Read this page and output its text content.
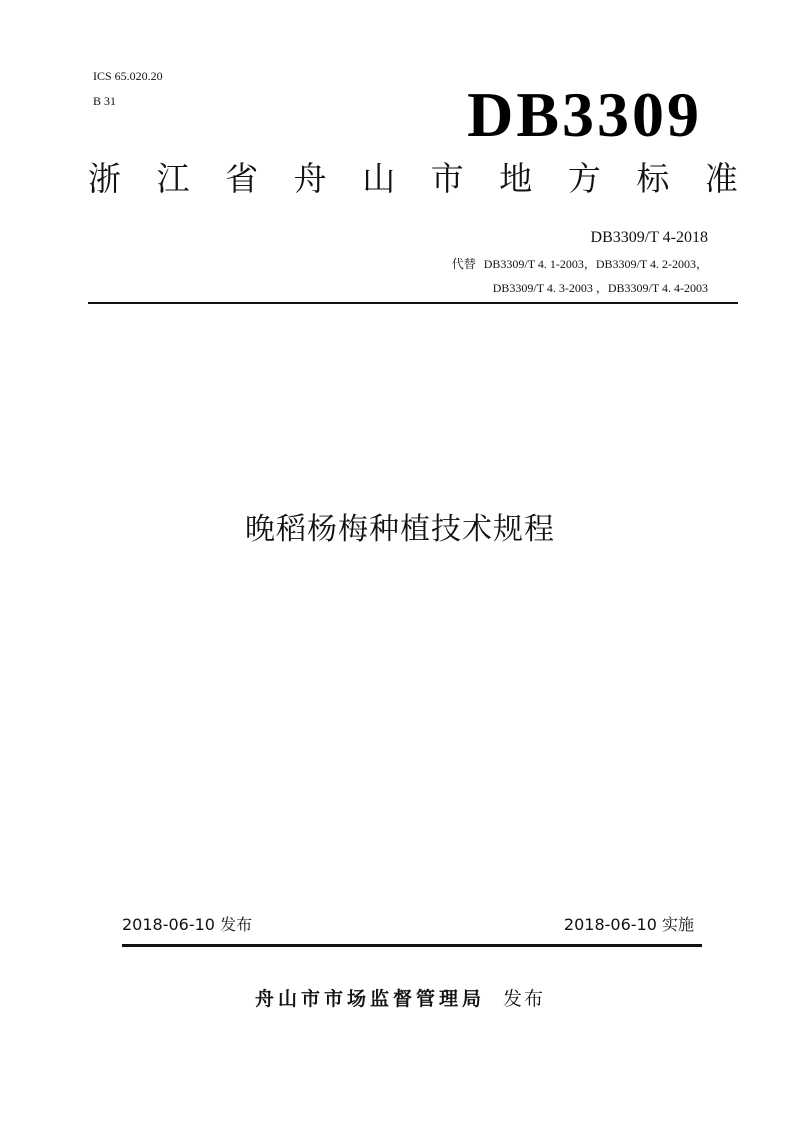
ICS 65.020.20
B 31	DB3309
浙 江 省 舟 山 市 地 方 标 准
DB3309/T 4-2018
代替 DB3309/T 4. 1-2003，DB3309/T 4. 2-2003，
DB3309/T 4. 3-2003 ，DB3309/T 4. 4-2003
晚稻杨梅种植技术规程
2018-06-10 发布	2018-06-10 实施
舟山市市场监督管理局 发布
